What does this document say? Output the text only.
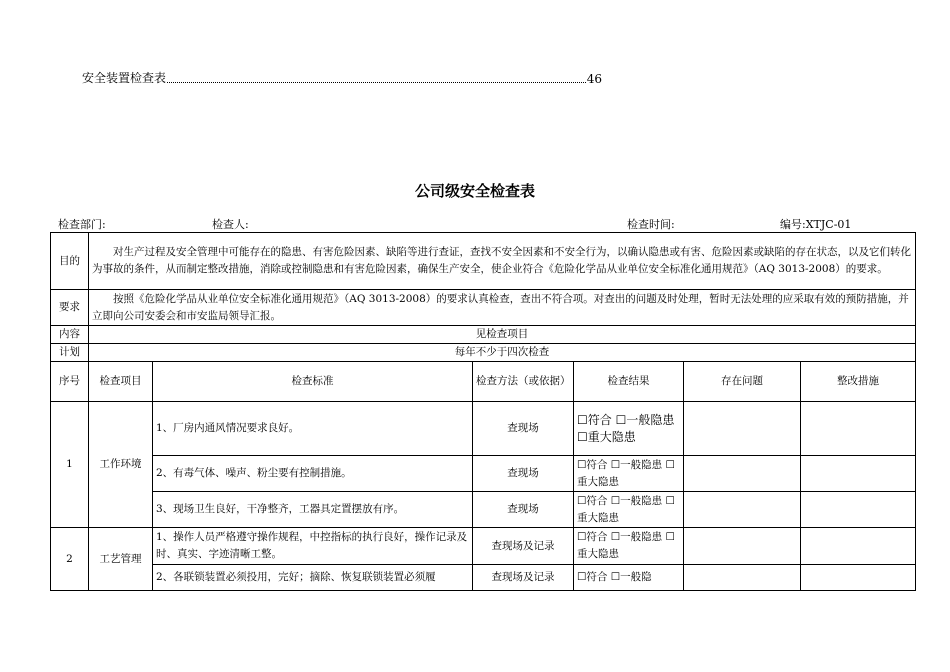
安全装置检查表	46
公司级安全检查表
检查部门:	检查人:	检查时间:	编号:XTJC-01
目的	对生产过程及安全管理中可能存在的隐患、有害危险因素、缺陷等进行查证，查找不安全因素和不安全行为，以确认隐患或有害、危险因素或缺陷的存在状态，以及它们转化为事故的条件，从而制定整改措施，消除或控制隐患和有害危险因素，确保生产安全，使企业符合《危险化学品从业单位安全标准化通用规范》（AQ 3013-2008）的要求。					
要求	按照《危险化学品从业单位安全标准化通用规范》（AQ 3013-2008）的要求认真检查，查出不符合项。对查出的问题及时处理，暂时无法处理的应采取有效的预防措施，并立即向公司安委会和市安监局领导汇报。					
内容	见检查项目					
计划	每年不少于四次检查					
序号	检查项目	检查标准	检查方法（或依据）	检查结果	存在问题	整改措施
1	工作环境	1、厂房内通风情况要求良好。	查现场	☐符合 ☐一般隐患 ☐重大隐患		
		2、有毒气体、噪声、粉尘要有控制措施。	查现场	☐符合 ☐一般隐患 ☐重大隐患		
		3、现场卫生良好，干净整齐，工器具定置摆放有序。	查现场	☐符合 ☐一般隐患 ☐重大隐患		
2	工艺管理	1、操作人员严格遵守操作规程，中控指标的执行良好，操作记录及时、真实、字迹清晰工整。	查现场及记录	☐符合 ☐一般隐患 ☐重大隐患		
		2、各联锁装置必须投用，完好；摘除、恢复联锁装置必须履	查现场及记录	☐符合 ☐一般隐		
